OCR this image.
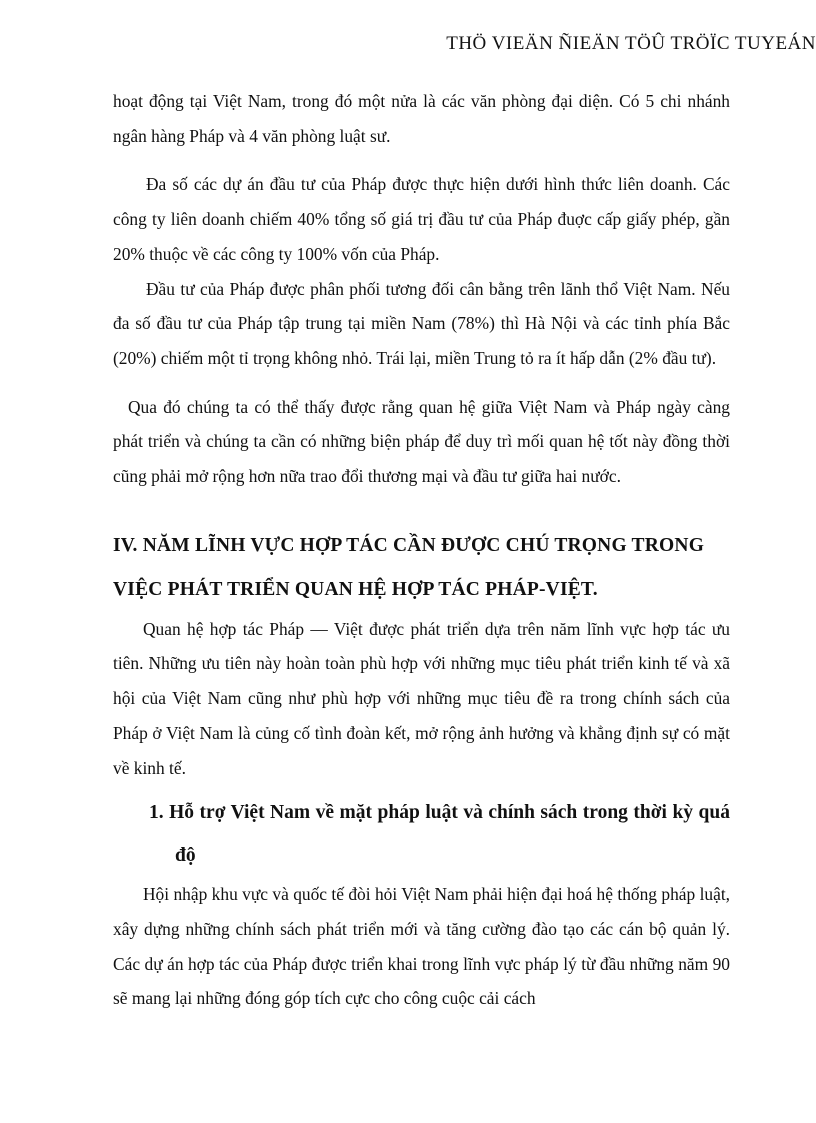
THÖ VIEÄN ÑIEÄN TÖÛ TRÖÏC TUYEÁN

hoạt động tại Việt Nam, trong đó một nửa là các văn phòng đại diện. Có 5 chi nhánh ngân hàng Pháp và 4 văn phòng luật sư.

Đa số các dự án đầu tư của Pháp được thực hiện dưới hình thức liên doanh. Các công ty liên doanh chiếm 40% tổng số giá trị đầu tư của Pháp đuợc cấp giấy phép, gần 20% thuộc về các công ty 100% vốn của Pháp.

Đầu tư của Pháp được phân phối tương đối cân bằng trên lãnh thổ Việt Nam. Nếu đa số đầu tư của Pháp tập trung tại miền Nam (78%) thì Hà Nội và các tỉnh phía Bắc (20%) chiếm một tỉ trọng không nhỏ. Trái lại, miền Trung tỏ ra ít hấp dẫn (2% đầu tư).

Qua đó chúng ta có thể thấy được rằng quan hệ giữa Việt Nam và Pháp ngày càng phát triển và chúng ta cần có những biện pháp để duy trì mối quan hệ tốt này đồng thời cũng phải mở rộng hơn nữa trao đổi thương mại và đầu tư giữa hai nước.

IV. NĂM LĨNH VỰC HỢP TÁC CẦN ĐƯỢC CHÚ TRỌNG TRONG VIỆC PHÁT TRIỂN QUAN HỆ HỢP TÁC PHÁP-VIỆT.

Quan hệ hợp tác Pháp — Việt được phát triển dựa trên năm lĩnh vực hợp tác ưu tiên. Những ưu tiên này hoàn toàn phù hợp với những mục tiêu phát triển kinh tế và xã hội của Việt Nam cũng như phù hợp với những mục tiêu đề ra trong chính sách của Pháp ở Việt Nam là củng cố tình đoàn kết, mở rộng ảnh hưởng và khẳng định sự có mặt về kinh tế.

1. Hỗ trợ Việt Nam về mặt pháp luật và chính sách trong thời kỳ quá độ

Hội nhập khu vực và quốc tế đòi hỏi Việt Nam phải hiện đại hoá hệ thống pháp luật, xây dựng những chính sách phát triển mới và tăng cường đào tạo các cán bộ quản lý. Các dự án hợp tác của Pháp được triển khai trong lĩnh vực pháp lý từ đầu những năm 90 sẽ mang lại những đóng góp tích cực cho công cuộc cải cách
